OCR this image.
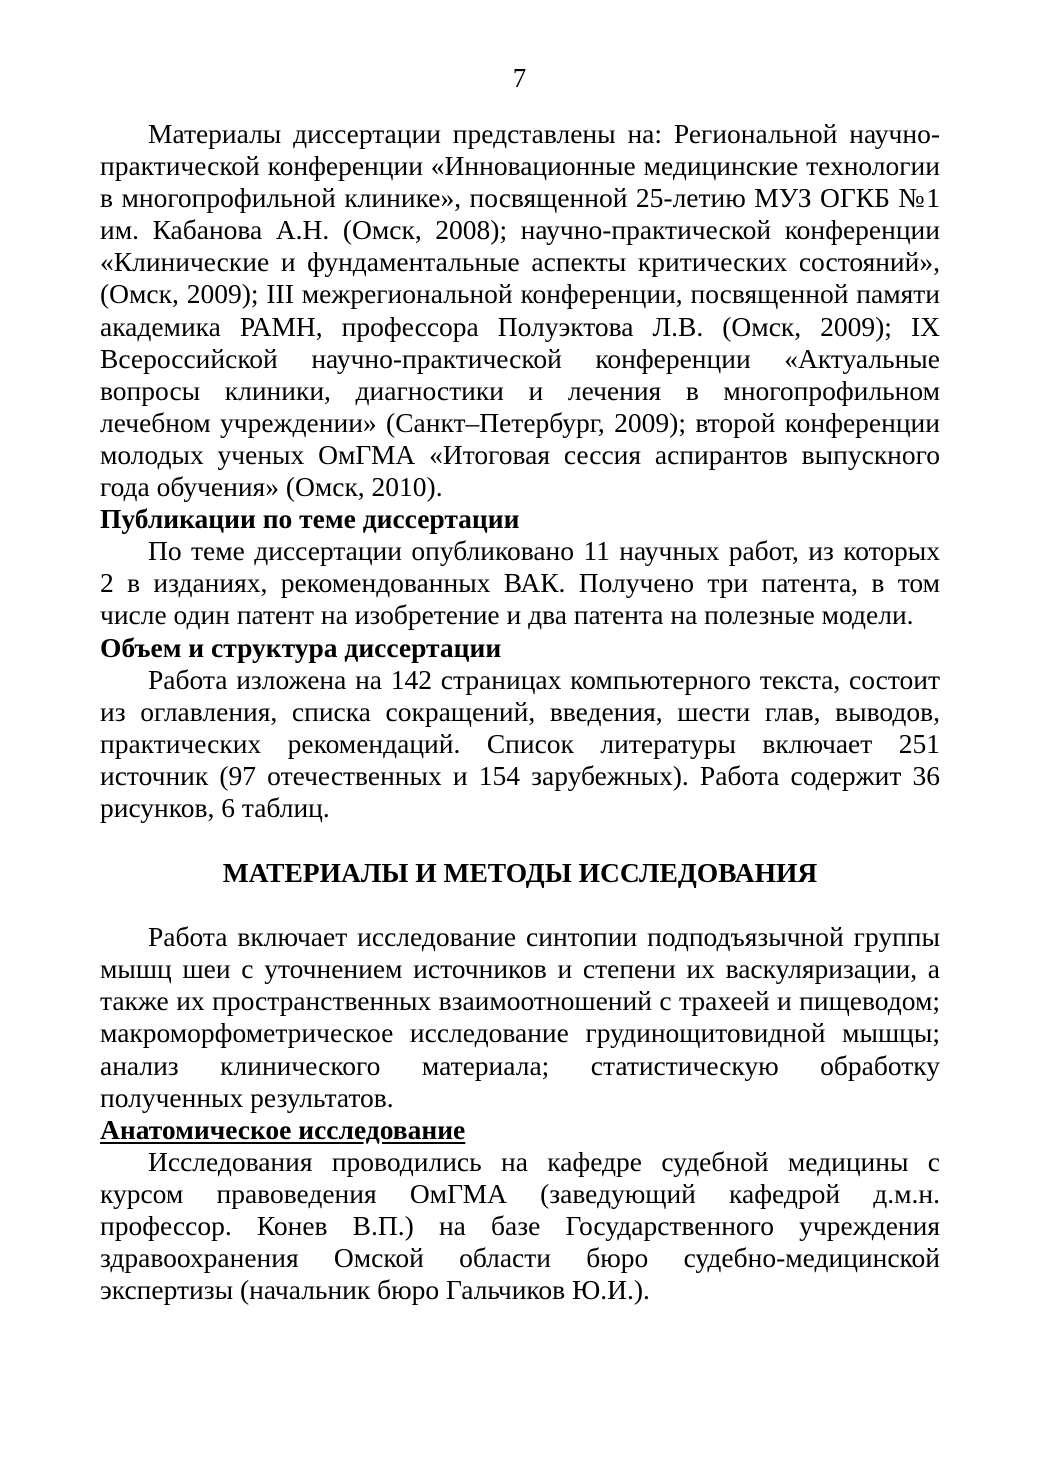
7

Материалы диссертации представлены на: Региональной научно-практической конференции «Инновационные медицинские технологии в многопрофильной клинике», посвященной 25-летию МУЗ ОГКБ №1 им. Кабанова А.Н. (Омск, 2008); научно-практической конференции «Клинические и фундаментальные аспекты критических состояний», (Омск, 2009); III межрегиональной конференции, посвященной памяти академика РАМН, профессора Полуэктова Л.В. (Омск, 2009); IX Всероссийской научно-практической конференции «Актуальные вопросы клиники, диагностики и лечения в многопрофильном лечебном учреждении» (Санкт–Петербург, 2009); второй конференции молодых ученых ОмГМА «Итоговая сессия аспирантов выпускного года обучения» (Омск, 2010).

Публикации по теме диссертации

По теме диссертации опубликовано 11 научных работ, из которых 2 в изданиях, рекомендованных ВАК. Получено три патента, в том числе один патент на изобретение и два патента на полезные модели.

Объем и структура диссертации

Работа изложена на 142 страницах компьютерного текста, состоит из оглавления, списка сокращений, введения, шести глав, выводов, практических рекомендаций. Список литературы включает 251 источник (97 отечественных и 154 зарубежных). Работа содержит 36 рисунков, 6 таблиц.

МАТЕРИАЛЫ И МЕТОДЫ ИССЛЕДОВАНИЯ

Работа включает исследование синтопии подподъязычной группы мышц шеи с уточнением источников и степени их васкуляризации, а также их пространственных взаимоотношений с трахеей и пищеводом; макроморфометрическое исследование грудинощитовидной мышцы; анализ клинического материала; статистическую обработку полученных результатов.

Анатомическое исследование

Исследования проводились на кафедре судебной медицины с курсом правоведения ОмГМА (заведующий кафедрой д.м.н. профессор. Конев В.П.) на базе Государственного учреждения здравоохранения Омской области бюро судебно-медицинской экспертизы (начальник бюро Гальчиков Ю.И.).
